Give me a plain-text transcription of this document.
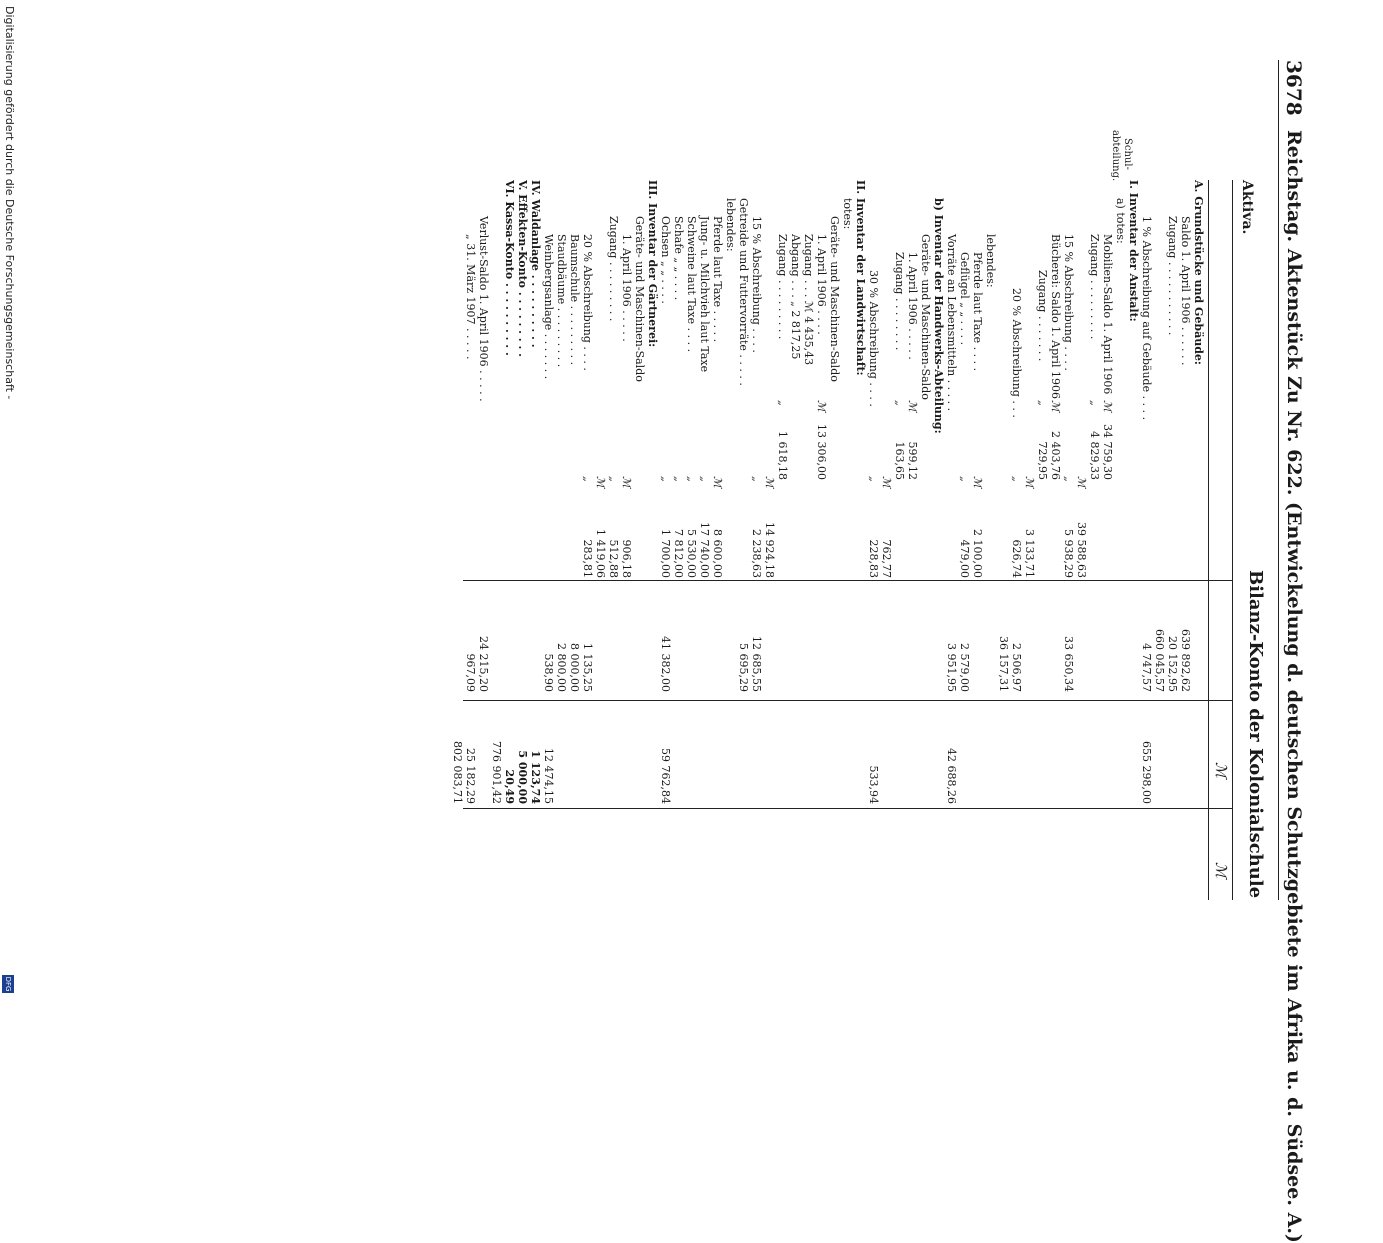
3678
Reichstag. Aktenstück Zu Nr. 622. (Entwickelung d. deutschen Schutzgebiete im Afrika u. d. Südsee. A.)
Bilanz-Konto der Kolonialschule
Aktiva.
ℳ
ℳ
Schul-
abteilung.
A. Grundstücke und Gebäude:
Saldo 1. April 1906 . . . . . .
639 892,62
Zugang . . . . . . . . . . .
20 152,95
660 045,57
1 % Abschreibung auf Gebäude . . . .
4 747,57
655 298,00
I. Inventar der Anstalt:
a) totes:
Mobilien-Saldo 1. April 1906
ℳ
34 759,30
Zugang . . . . . . . . .
„
4 829,33
ℳ
39 588,63
15 % Abschreibung . . . .
„
5 938,29
33 650,34
Bücherei: Saldo 1. April 1906
ℳ
2 403,76
Zugang . . . . . . .
„
729,95
ℳ
3 133,71
20 % Abschreibung . . .
„
626,74
2 506,97
36 157,31
lebendes:
Pferde laut Taxe . . . .
ℳ
2 100,00
Geflügel „ „ . . . .
„
479,00
2 579,00
Vorräte an Lebensmitteln . . . . .
3 951,95
42 688,26
b) Inventar der Handwerks-Abteilung:
Geräte- und Maschinen-Saldo
1. April 1906 . . . . .
ℳ
599,12
Zugang . . . . . . . .
„
163,65
ℳ
762,77
30 % Abschreibung . . . .
„
228,83
533,94
II. Inventar der Landwirtschaft:
totes:
Geräte- und Maschinen-Saldo
1. April 1906 . . . .
ℳ
13 306,00
Zugang . . . ℳ 4 435,43
Abgang . . . „ 2 817,25
Zugang . . . . . . . . .
„
1 618,18
ℳ
14 924,18
15 % Abschreibung . . . .
„
2 238,63
12 685,55
Getreide und Futtervorräte . . . . .
5 695,29
lebendes:
Pferde laut Taxe . . . . .
ℳ
8 600,00
Jung- u. Milchvieh laut Taxe
„
17 740,00
Schweine laut Taxe . . . .
„
5 530,00
Schafe „ „ . . . .
„
7 812,00
Ochsen „ „ . . . .
„
1 700,00
41 382,00
59 762,84
III. Inventar der Gärtnerei:
Geräte- und Maschinen-Saldo
1. April 1906 . . . . .
ℳ
906,18
Zugang . . . . . . . . .
„
512,88
ℳ
1 419,06
20 % Abschreibung . . . .
„
283,81
1 135,25
Baumschule . . . . . . . . .
8 000,00
Staudbäume . . . . . . . . .
2 800,00
Weinbergsanlage . . . . . . .
538,90
12 474,15
IV. Waldanlage . . . . . . . . . .
1 123,74
V. Effekten-Konto . . . . . . . . .
5 000,00
VI. Kassa-Konto . . . . . . . . . .
20,49
776 901,42
Verlust-Saldo 1. April 1906 . . . . .
24 215,20
„ 31. März 1907 . . . . .
967,09
25 182,29
802 083,71
Digitalisierung gefördert durch die Deutsche Forschungsgemeinschaft -
DFG
